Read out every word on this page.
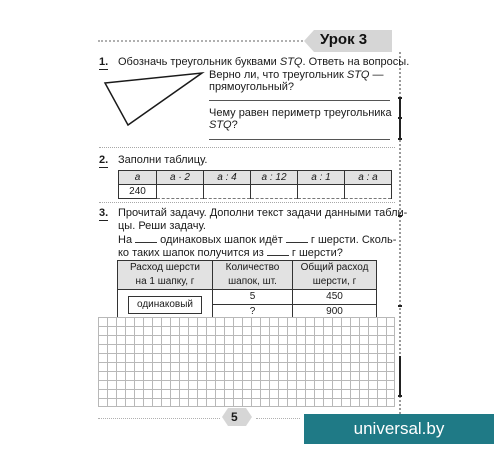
Урок 3
1. Обозначь треугольник буквами STQ. Ответь на вопросы.
Верно ли, что треугольник STQ —
прямоугольный?
Чему равен периметр треугольника
STQ?
2. Заполни таблицу.
a	a · 2	a : 4	a : 12	a : 1	a : a
240					
3. Прочитай задачу. Дополни текст задачи данными табли-
цы. Реши задачу.
На  одинаковых шапок идёт  г шерсти. Сколь-
ко таких шапок получится из  г шерсти?
Расход шерсти
на 1 шапку, г	Количество
шапок, шт.	Общий расход
шерсти, г
одинаковый	5	450
	?	900
5
universal.by
